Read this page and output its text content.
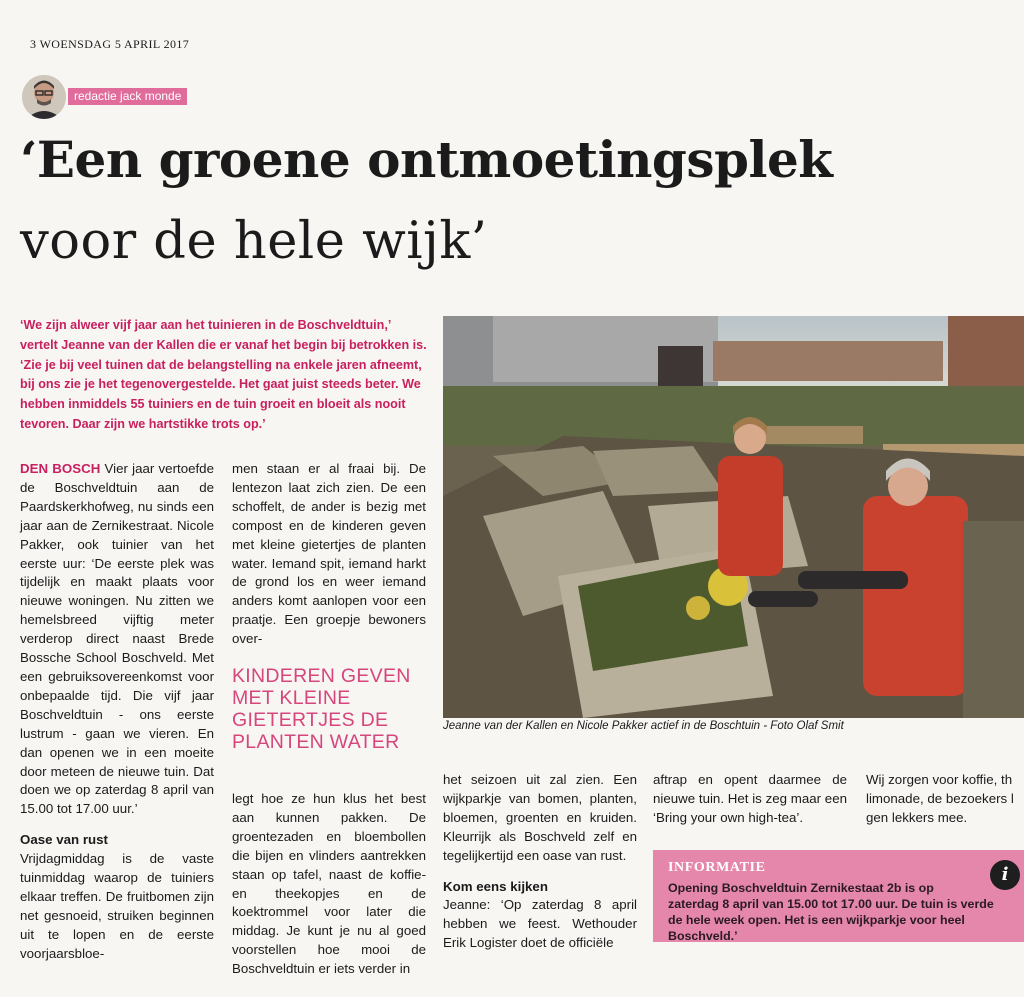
3 WOENSDAG 5 APRIL 2017
redactie jack monde
‘Een groene ontmoetingsplek
voor de hele wijk’
‘We zijn alweer vijf jaar aan het tuinieren in de Boschveldtuin,’ vertelt Jeanne van der Kallen die er vanaf het begin bij betrokken is. ‘Zie je bij veel tuinen dat de belangstelling na enkele jaren afneemt, bij ons zie je het tegenovergestelde. Het gaat juist steeds beter. We hebben inmiddels 55 tuiniers en de tuin groeit en bloeit als nooit tevoren. Daar zijn we hartstikke trots op.’

DEN BOSCH Vier jaar vertoefde de Boschveldtuin aan de Paardskerkhofweg, nu sinds een jaar aan de Zernikestraat. Nicole Pakker, ook tuinier van het eerste uur: ‘De eerste plek was tijdelijk en maakt plaats voor nieuwe woningen. Nu zitten we hemelsbreed vijftig meter verderop direct naast Brede Bossche School Boschveld. Met een gebruiksovereenkomst voor onbepaalde tijd. Die vijf jaar Boschveldtuin - ons eerste lustrum - gaan we vieren. En dan openen we in een moeite door meteen de nieuwe tuin. Dat doen we op zaterdag 8 april van 15.00 tot 17.00 uur.’

Oase van rust

Vrijdagmiddag is de vaste tuinmiddag waarop de tuiniers elkaar treffen. De fruitbomen zijn net gesnoeid, struiken beginnen uit te lopen en de eerste voorjaarsbloe-

men staan er al fraai bij. De lentezon laat zich zien. De een schoffelt, de ander is bezig met compost en de kinderen geven met kleine gietertjes de planten water. Iemand spit, iemand harkt de grond los en weer iemand anders komt aanlopen voor een praatje. Een groepje bewoners over-

KINDEREN GEVEN MET KLEINE GIETERTJES DE PLANTEN WATER

legt hoe ze hun klus het best aan kunnen pakken. De groentezaden en bloembollen die bijen en vlinders aantrekken staan op tafel, naast de koffie- en theekopjes en de koektrommel voor later die middag. Je kunt je nu al goed voorstellen hoe mooi de Boschveldtuin er iets verder in

Jeanne van der Kallen en Nicole Pakker actief in de Boschtuin - Foto Olaf Smit

het seizoen uit zal zien. Een wijkparkje van bomen, planten, bloemen, groenten en kruiden. Kleurrijk als Boschveld zelf en tegelijkertijd een oase van rust.

Kom eens kijken

Jeanne: ‘Op zaterdag 8 april hebben we feest. Wethouder Erik Logister doet de officiële

aftrap en opent daarmee de nieuwe tuin. Het is zeg maar een ‘Bring your own high-tea’.

Wij zorgen voor koffie, th

limonade, de bezoekers l

gen lekkers mee.

INFORMATIE	i
Opening Boschveldtuin Zernikestaat 2b is op
zaterdag 8 april van 15.00 tot 17.00 uur. De tuin is verde
de hele week open. Het is een wijkparkje voor heel
Boschveld.’
